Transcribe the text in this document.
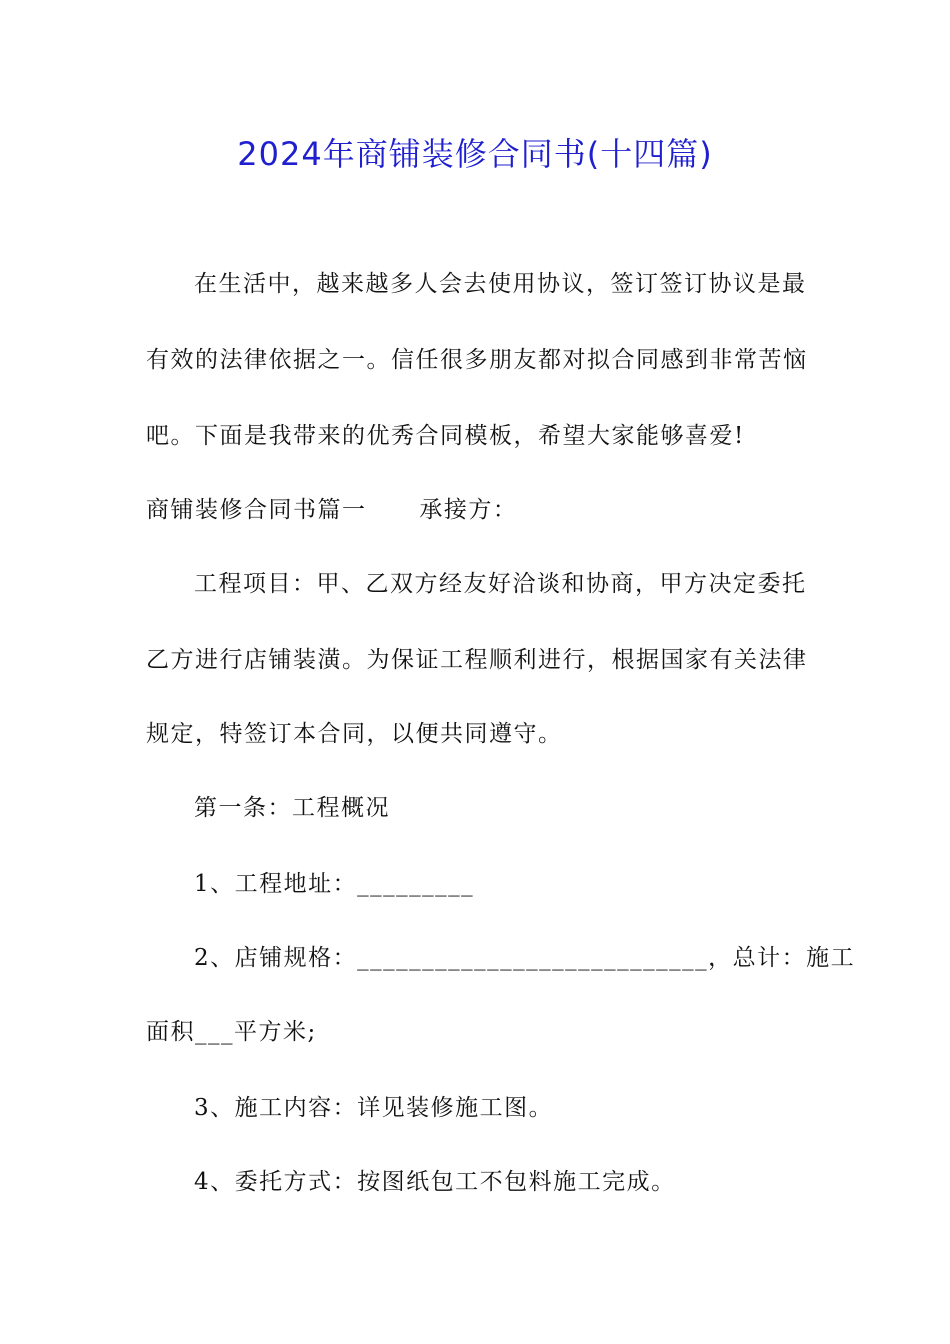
2024年商铺装修合同书(十四篇)
在生活中，越来越多人会去使用协议，签订签订协议是最
有效的法律依据之一。信任很多朋友都对拟合同感到非常苦恼
吧。下面是我带来的优秀合同模板，希望大家能够喜爱!
商铺装修合同书篇一      承接方：
工程项目：甲、乙双方经友好洽谈和协商，甲方决定委托
乙方进行店铺装潢。为保证工程顺利进行，根据国家有关法律
规定，特签订本合同，以便共同遵守。
第一条：工程概况
1、工程地址：_________
2、店铺规格：___________________________，总计：施工
面积___平方米;
3、施工内容：详见装修施工图。
4、委托方式：按图纸包工不包料施工完成。
